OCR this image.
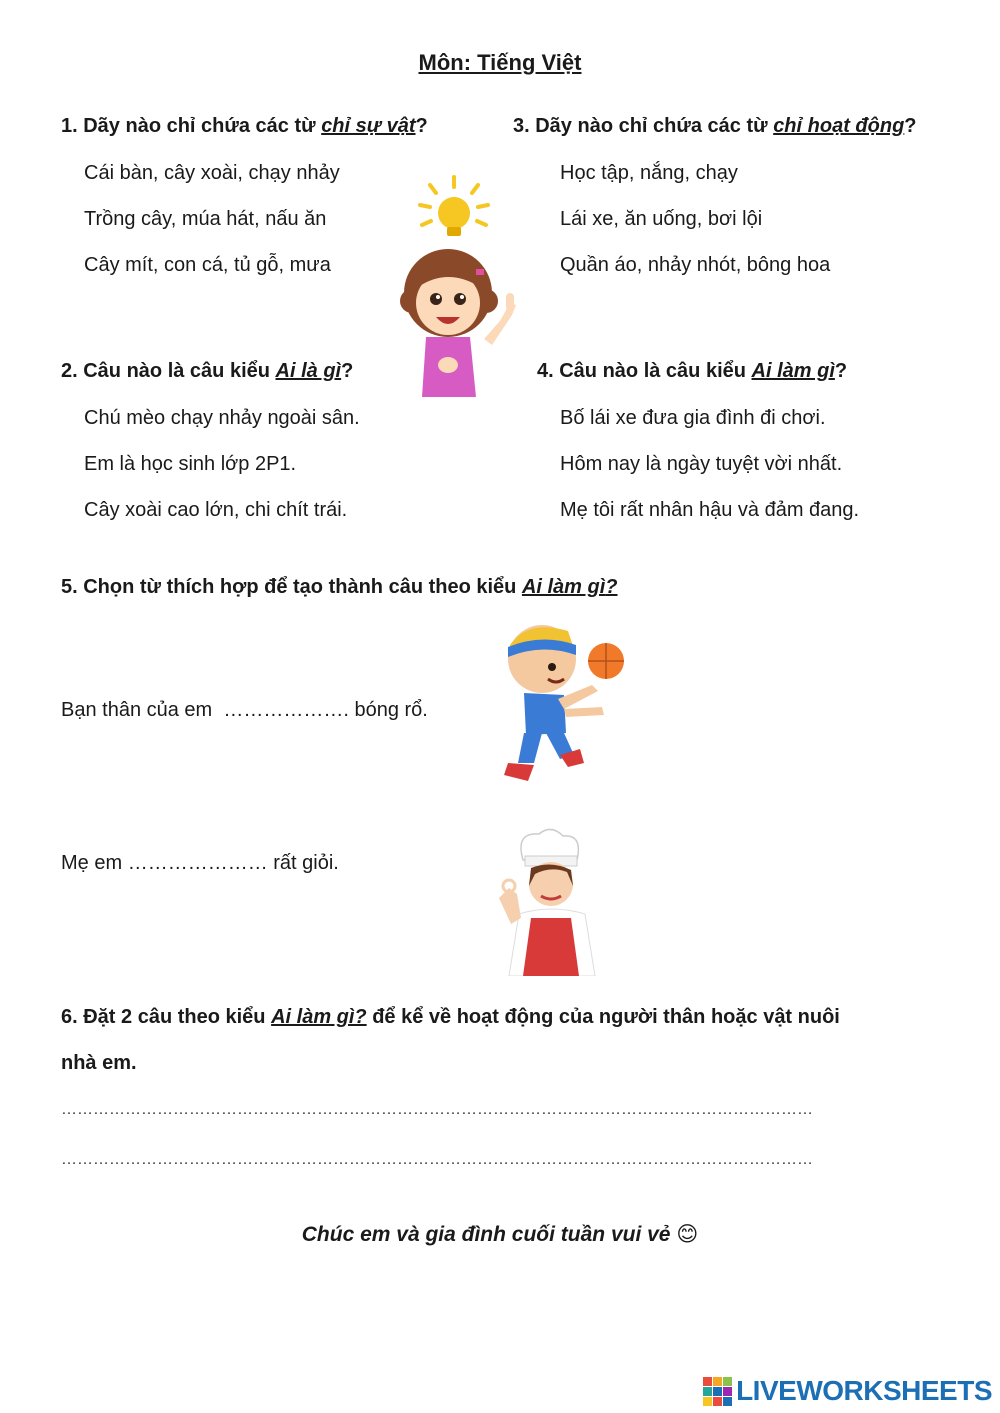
Môn: Tiếng Việt
1. Dãy nào chỉ chứa các từ chỉ sự vật?
Cái bàn, cây xoài, chạy nhảy
Trồng cây, múa hát, nấu ăn
Cây mít, con cá, tủ gỗ, mưa
3. Dãy nào chỉ chứa các từ chỉ hoạt động?
Học tập, nắng, chạy
Lái xe, ăn uống, bơi lội
Quần áo, nhảy nhót, bông hoa
2. Câu nào là câu kiểu Ai là gì?
Chú mèo chạy nhảy ngoài sân.
Em là học sinh lớp 2P1.
Cây xoài cao lớn, chi chít trái.
4. Câu nào là câu kiểu Ai làm gì?
Bố lái xe đưa gia đình đi chơi.
Hôm nay là ngày tuyệt vời nhất.
Mẹ tôi rất nhân hậu và đảm đang.
5. Chọn từ thích hợp để tạo thành câu theo kiểu Ai làm gì?
Bạn thân của em ………………. bóng rổ.
Mẹ em ………………… rất giỏi.
6. Đặt 2 câu theo kiểu Ai làm gì? để kể về hoạt động của người thân hoặc vật nuôi
nhà em.
……………………………………………………………………………………………………………………………
……………………………………………………………………………………………………………………………
Chúc em và gia đình cuối tuần vui vẻ 😊
LIVEWORKSHEETS
